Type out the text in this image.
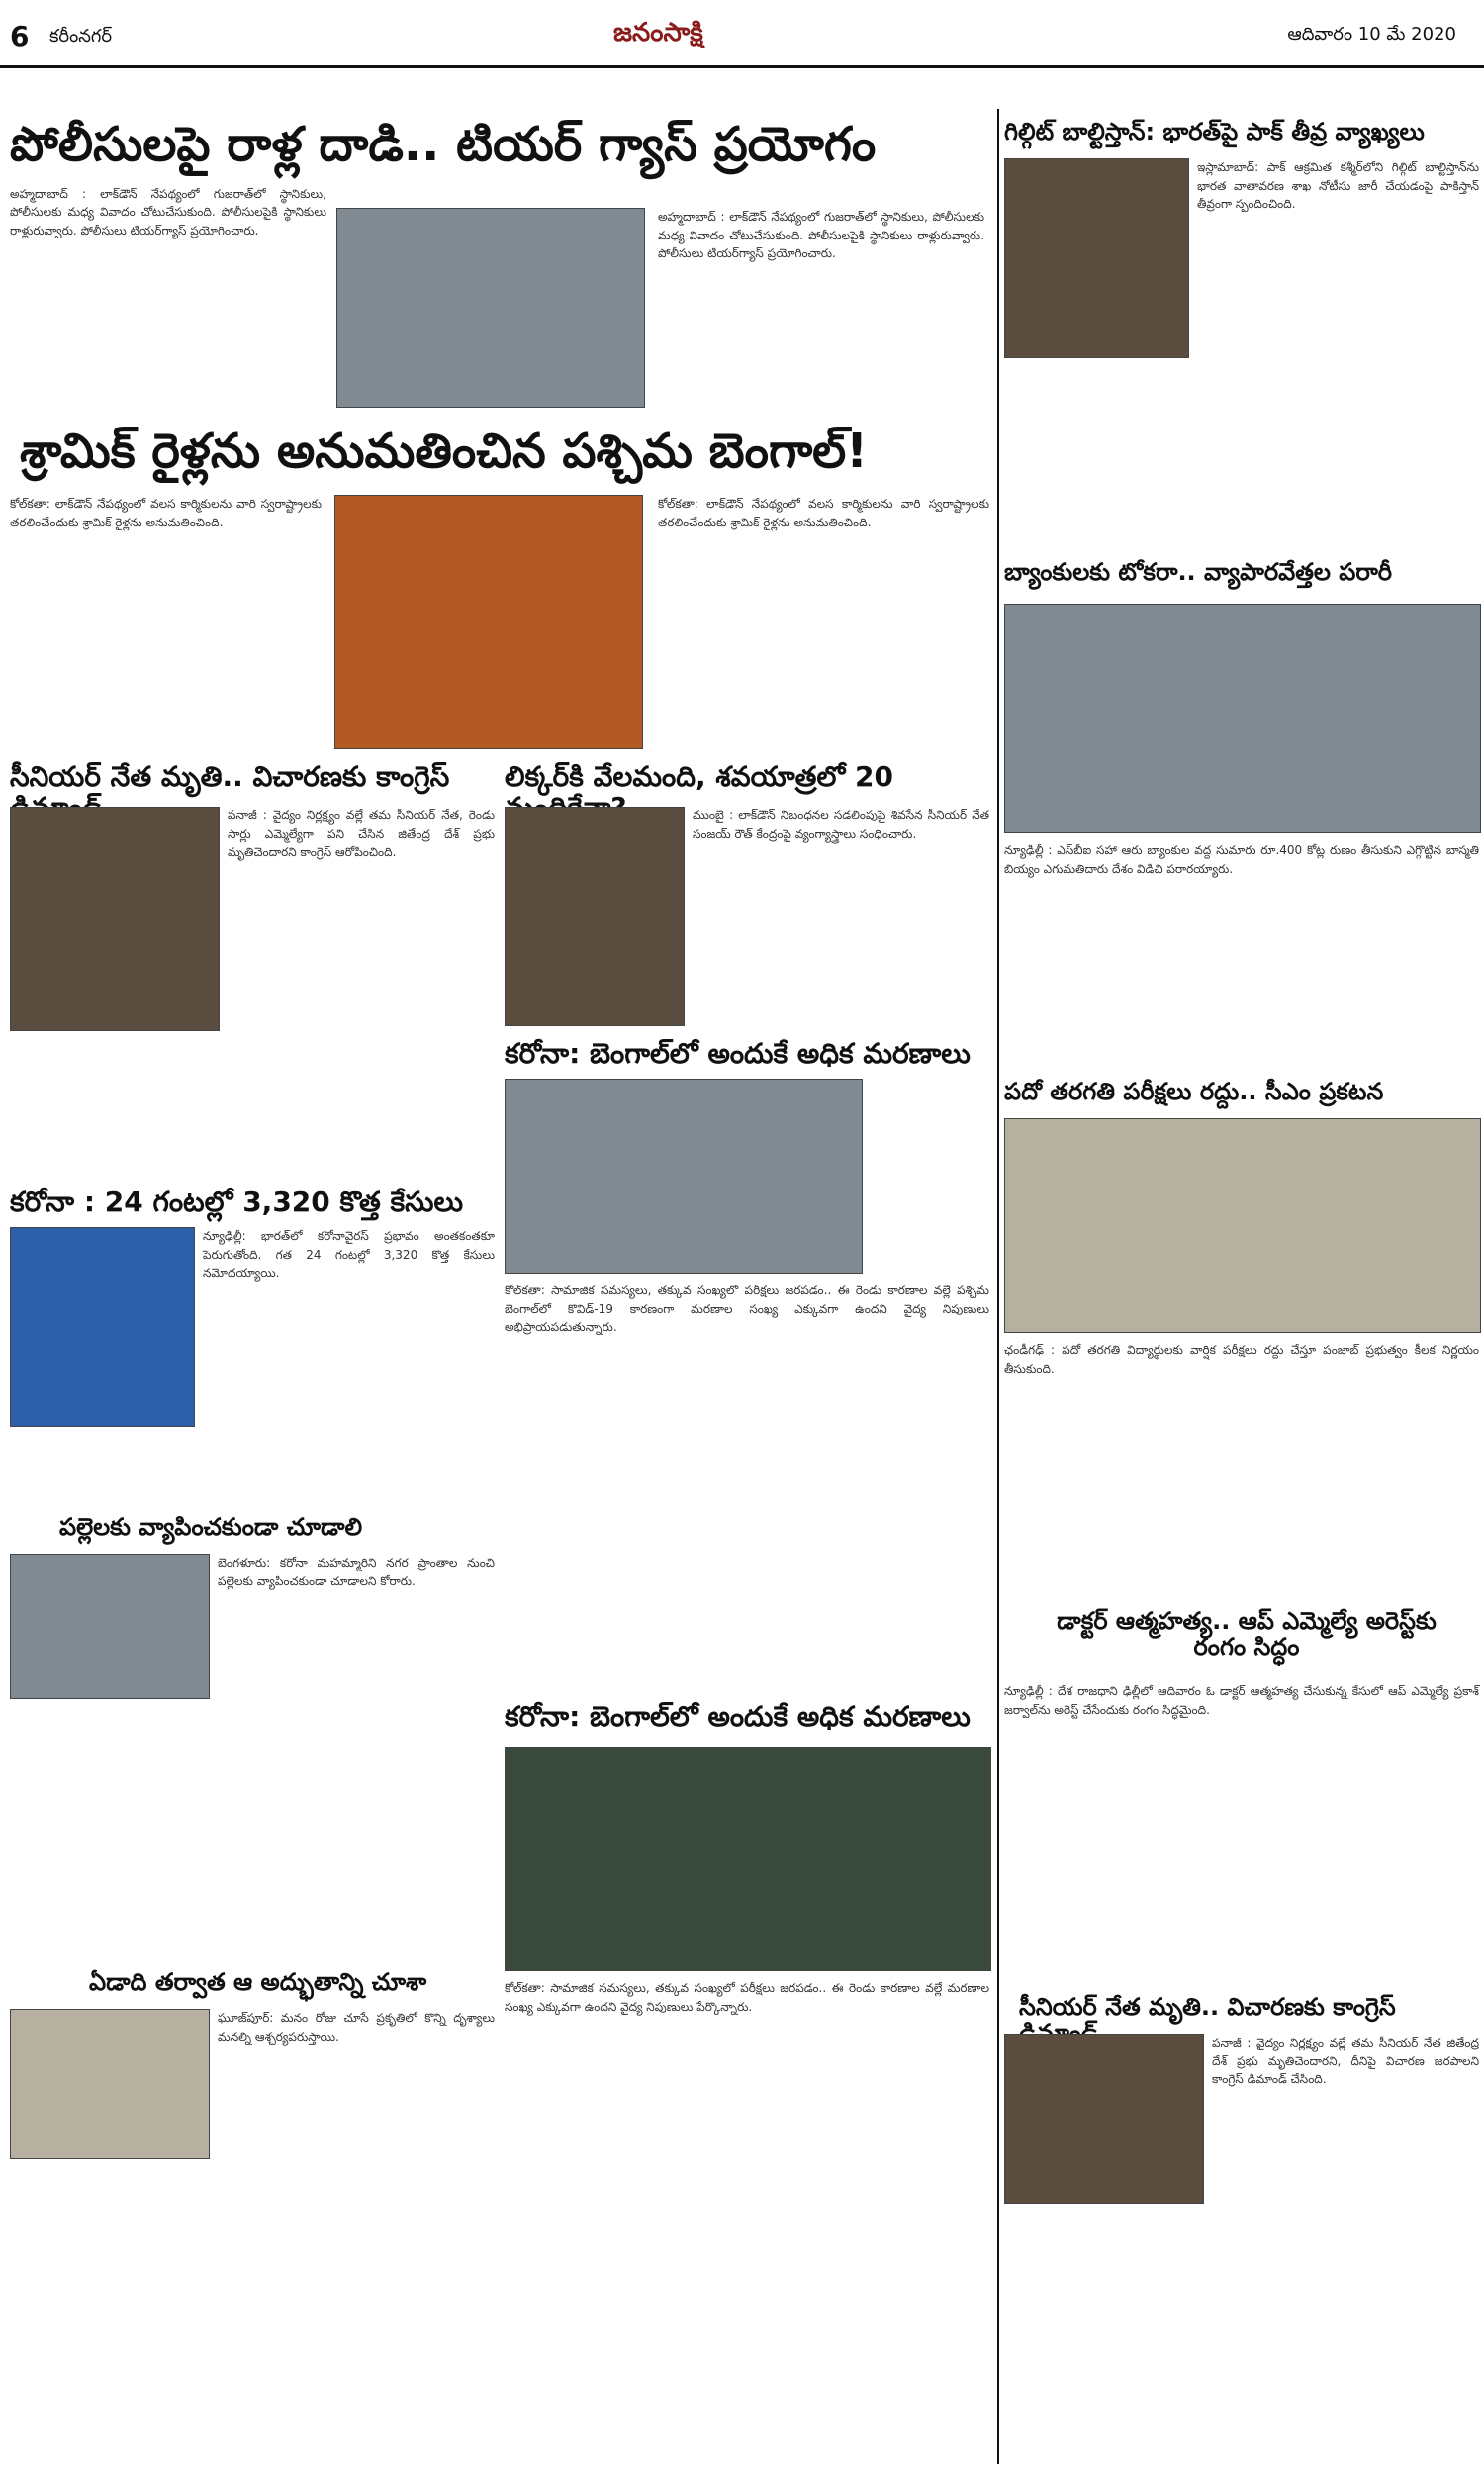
6 కరీంనగర్	జనంసాక్షి	ఆదివారం 10 మే 2020
పోలీసులపై రాళ్ల దాడి.. టియర్ గ్యాస్ ప్రయోగం
అహ్మదాబాద్ : లాక్‌డౌన్ నేపథ్యంలో గుజరాత్‌లో స్థానికులు, పోలీసులకు మధ్య వివాదం చోటుచేసుకుంది. పోలీసులపైకి స్థానికులు రాళ్లురువ్వారు. పోలీసులు టియర్‌గ్యాస్ ప్రయోగించారు.
అహ్మదాబాద్ : లాక్‌డౌన్ నేపథ్యంలో గుజరాత్‌లో స్థానికులు, పోలీసులకు మధ్య వివాదం చోటుచేసుకుంది. పోలీసులపైకి స్థానికులు రాళ్లురువ్వారు. పోలీసులు టియర్‌గ్యాస్ ప్రయోగించారు.
శ్రామిక్ రైళ్లను అనుమతించిన పశ్చిమ బెంగాల్!
కోల్‌కతా: లాక్‌డౌన్ నేపథ్యంలో వలస కార్మికులను వారి స్వరాష్ట్రాలకు తరలించేందుకు శ్రామిక్ రైళ్లను అనుమతించింది.
కోల్‌కతా: లాక్‌డౌన్ నేపథ్యంలో వలస కార్మికులను వారి స్వరాష్ట్రాలకు తరలించేందుకు శ్రామిక్ రైళ్లను అనుమతించింది.
సీనియర్ నేత మృతి.. విచారణకు కాంగ్రెస్
పనాజీ : వైద్యం నిర్లక్ష్యం వల్లే తమ సీనియర్ నేత, రెండు సార్లు ఎమ్మెల్యేగా పని చేసిన జితేంద్ర దేశ్ ప్రభు మృతిచెందారని కాంగ్రెస్ ఆరోపించింది.
కరోనా : 24 గంటల్లో 3,320 కొత్త కేసులు
న్యూఢిల్లీ: భారత్‌లో కరోనావైరస్ ప్రభావం అంతకంతకూ పెరుగుతోంది. గత 24 గంటల్లో 3,320 కొత్త కేసులు నమోదయ్యాయి.
పల్లెలకు వ్యాపించకుండా చూడాలి
బెంగళూరు: కరోనా మహమ్మారిని నగర ప్రాంతాల నుంచి పల్లెలకు వ్యాపించకుండా చూడాలని కోరారు.
ఏడాది తర్వాత ఆ అద్భుతాన్ని చూశా
ఘూజ్‌పూర్: మనం రోజు చూసే ప్రకృతిలో కొన్ని దృశ్యాలు మనల్ని ఆశ్చర్యపరుస్తాయి.
లిక్కర్‌కి వేలమంది, శవయాత్రలో 20
ముంబై : లాక్‌డౌన్ నిబంధనల సడలింపుపై శివసేన సీనియర్ నేత సంజయ్ రౌత్ కేంద్రంపై వ్యంగ్యాస్త్రాలు సంధించారు.
కరోనా: బెంగాల్‌లో అందుకే అధిక మరణాలు
కోల్‌కతా: సామాజిక సమస్యలు, తక్కువ సంఖ్యలో పరీక్షలు జరపడం.. ఈ రెండు కారణాల వల్లే పశ్చిమ బెంగాల్‌లో కొవిడ్-19 కారణంగా మరణాల సంఖ్య ఎక్కువగా ఉందని వైద్య నిపుణులు అభిప్రాయపడుతున్నారు.
కరోనా: బెంగాల్‌లో అందుకే అధిక మరణాలు
కోల్‌కతా: సామాజిక సమస్యలు, తక్కువ సంఖ్యలో పరీక్షలు జరపడం.. ఈ రెండు కారణాల వల్లే మరణాల సంఖ్య ఎక్కువగా ఉందని వైద్య నిపుణులు పేర్కొన్నారు.
గిల్గిట్ బాల్టిస్తాన్: భారత్‌పై పాక్ తీవ్ర వ్యాఖ్యలు
ఇస్లామాబాద్: పాక్ ఆక్రమిత కశ్మీర్‌లోని గిల్గిట్ బాల్టిస్తాన్‌ను భారత వాతావరణ శాఖ నోటీసు జారీ చేయడంపై పాకిస్తాన్ తీవ్రంగా స్పందించింది.
బ్యాంకులకు టోకరా.. వ్యాపారవేత్తల పరారీ
న్యూఢిల్లీ : ఎస్‌బీఐ సహా ఆరు బ్యాంకుల వద్ద సుమారు రూ.400 కోట్ల రుణం తీసుకుని ఎగ్గొట్టిన బాస్మతి బియ్యం ఎగుమతిదారు దేశం విడిచి పరారయ్యారు.
పదో తరగతి పరీక్షలు రద్దు.. సీఎం ప్రకటన
ఛండీగఢ్ : పదో తరగతి విద్యార్థులకు వార్షిక పరీక్షలు రద్దు చేస్తూ పంజాబ్ ప్రభుత్వం కీలక నిర్ణయం తీసుకుంది.
డాక్టర్ ఆత్మహత్య.. ఆప్ ఎమ్మెల్యే అరెస్ట్‌కు రంగం సిద్ధం
న్యూఢిల్లీ : దేశ రాజధాని ఢిల్లీలో ఆదివారం ఓ డాక్టర్ ఆత్మహత్య చేసుకున్న కేసులో ఆప్ ఎమ్మెల్యే ప్రకాశ్ జర్వాల్‌ను అరెస్ట్ చేసేందుకు రంగం సిద్ధమైంది.
సీనియర్ నేత మృతి.. విచారణకు కాంగ్రెస్
పనాజీ : వైద్యం నిర్లక్ష్యం వల్లే తమ సీనియర్ నేత జితేంద్ర దేశ్ ప్రభు మృతిచెందారని, దీనిపై విచారణ జరపాలని కాంగ్రెస్ డిమాండ్ చేసింది.
